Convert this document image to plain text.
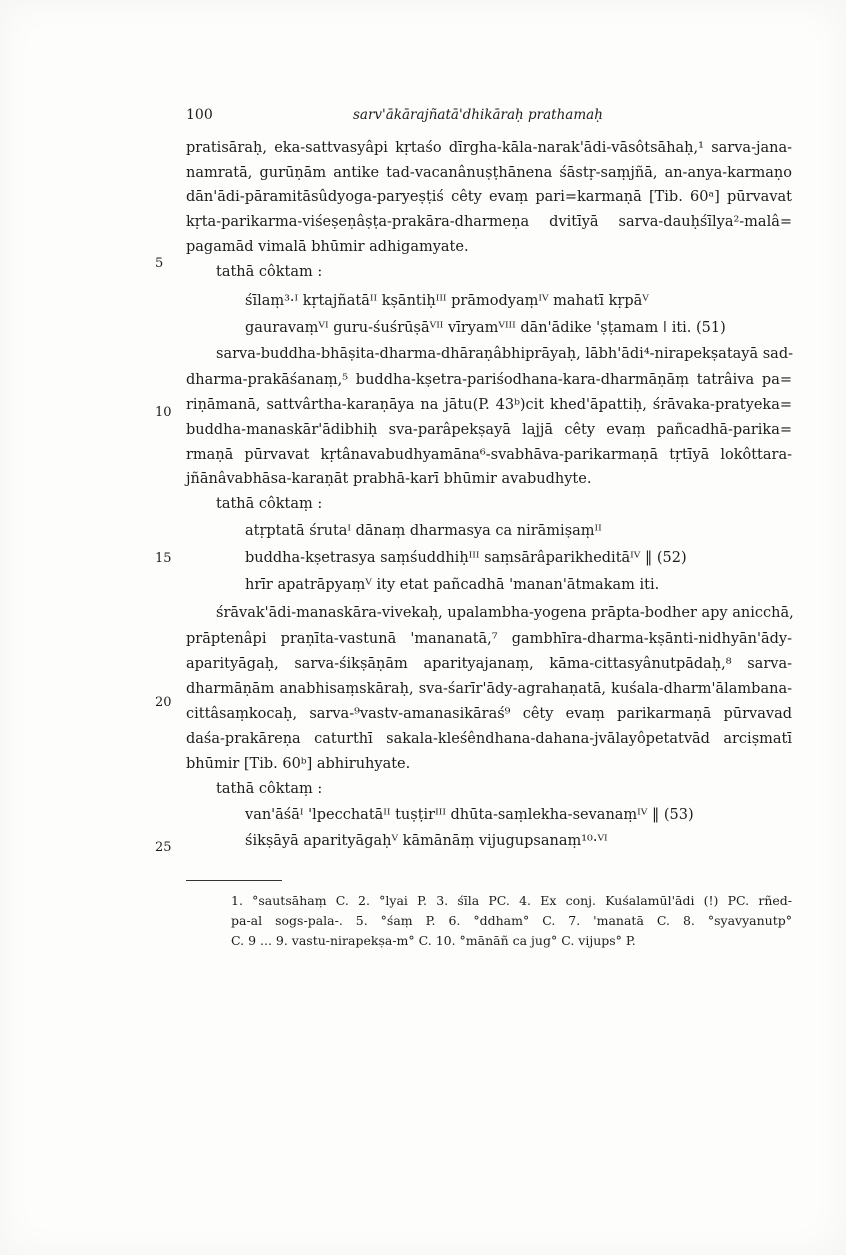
100	sarv'ākārajñatā'dhikāraḥ prathamaḥ
5
10
15
20
25
pratisāraḥ, eka-sattvasyâpi kṛtaśo dīrgha-kāla-narak'ādi-vāsôtsāhaḥ,¹ sarva-jana-
namratā, gurūṇām antike tad-vacanânuṣṭhānena śāstṛ-saṃjñā, an-anya-karmaṇo
dān'ādi-pāramitāsûdyoga-paryeṣṭiś cêty evaṃ pari=karmaṇā [Tib. 60ᵃ] pūrvavat
kṛta-parikarma-viśeṣeṇâṣṭa-prakāra-dharmeṇa dvitīyā sarva-dauḥśīlya²-malâ=
pagamād vimalā bhūmir adhigamyate.
tathā côktam :
śīlaṃ³·ᴵ kṛtajñatāᴵᴵ kṣāntiḥᴵᴵᴵ prāmodyaṃᴵⱽ mahatī kṛpāⱽ
gauravaṃⱽᴵ guru-śuśrūṣāⱽᴵᴵ vīryamⱽᴵᴵᴵ dān'ādike 'ṣṭamam ǀ iti. (51)
sarva-buddha-bhāṣita-dharma-dhāraṇâbhiprāyaḥ, lābh'ādi⁴-nirapekṣatayā sad-
dharma-prakāśanaṃ,⁵ buddha-kṣetra-pariśodhana-kara-dharmāṇāṃ tatrâiva pa=
riṇāmanā, sattvârtha-karaṇāya na jātu(P. 43ᵇ)cit khed'āpattiḥ, śrāvaka-pratyeka=
buddha-manaskār'ādibhiḥ sva-parâpekṣayā lajjā cêty evaṃ pañcadhā-parika=
rmaṇā pūrvavat kṛtânavabudhyamāna⁶-svabhāva-parikarmaṇā tṛtīyā lokôttara-
jñānâvabhāsa-karaṇāt prabhā-karī bhūmir avabudhyte.
tathā côktaṃ :
atṛptatā śrutaᴵ dānaṃ dharmasya ca nirāmiṣaṃᴵᴵ
buddha-kṣetrasya saṃśuddhiḥᴵᴵᴵ saṃsārâparikheditāᴵⱽ ‖ (52)
hrīr apatrāpyaṃⱽ ity etat pañcadhā 'manan'ātmakam iti.
śrāvak'ādi-manaskāra-vivekaḥ, upalambha-yogena prāpta-bodher apy anicchā,
prāptenâpi praṇīta-vastunā 'mananatā,⁷ gambhīra-dharma-kṣānti-nidhyān'ādy-
aparityāgaḥ, sarva-śikṣāṇām aparityajanaṃ, kāma-cittasyânutpādaḥ,⁸ sarva-
dharmāṇām anabhisaṃskāraḥ, sva-śarīr'ādy-agrahaṇatā, kuśala-dharm'ālambana-
cittâsaṃkocaḥ, sarva-⁹vastv-amanasikāraś⁹ cêty evaṃ parikarmaṇā pūrvavad
daśa-prakāreṇa caturthī sakala-kleśêndhana-dahana-jvālayôpetatvād arciṣmatī
bhūmir [Tib. 60ᵇ] abhiruhyate.
tathā côktaṃ :
van'āśāᴵ 'lpecchatāᴵᴵ tuṣṭirᴵᴵᴵ dhūta-saṃlekha-sevanaṃᴵⱽ ‖ (53)
śikṣāyā aparityāgaḥⱽ kāmānāṃ vijugupsanaṃ¹⁰·ⱽᴵ
1. °sautsāhaṃ C. 2. °lyai P. 3. śīla PC. 4. Ex conj. Kuśalamūl'ādi (!) PC. rñed-
pa-al sogs-pala-. 5. °śaṃ P. 6. °ddham° C. 7. 'manatā C. 8. °syavyanutp°
C. 9 ... 9. vastu-nirapekṣa-m° C. 10. °mānāñ ca jug° C. vijups° P.
